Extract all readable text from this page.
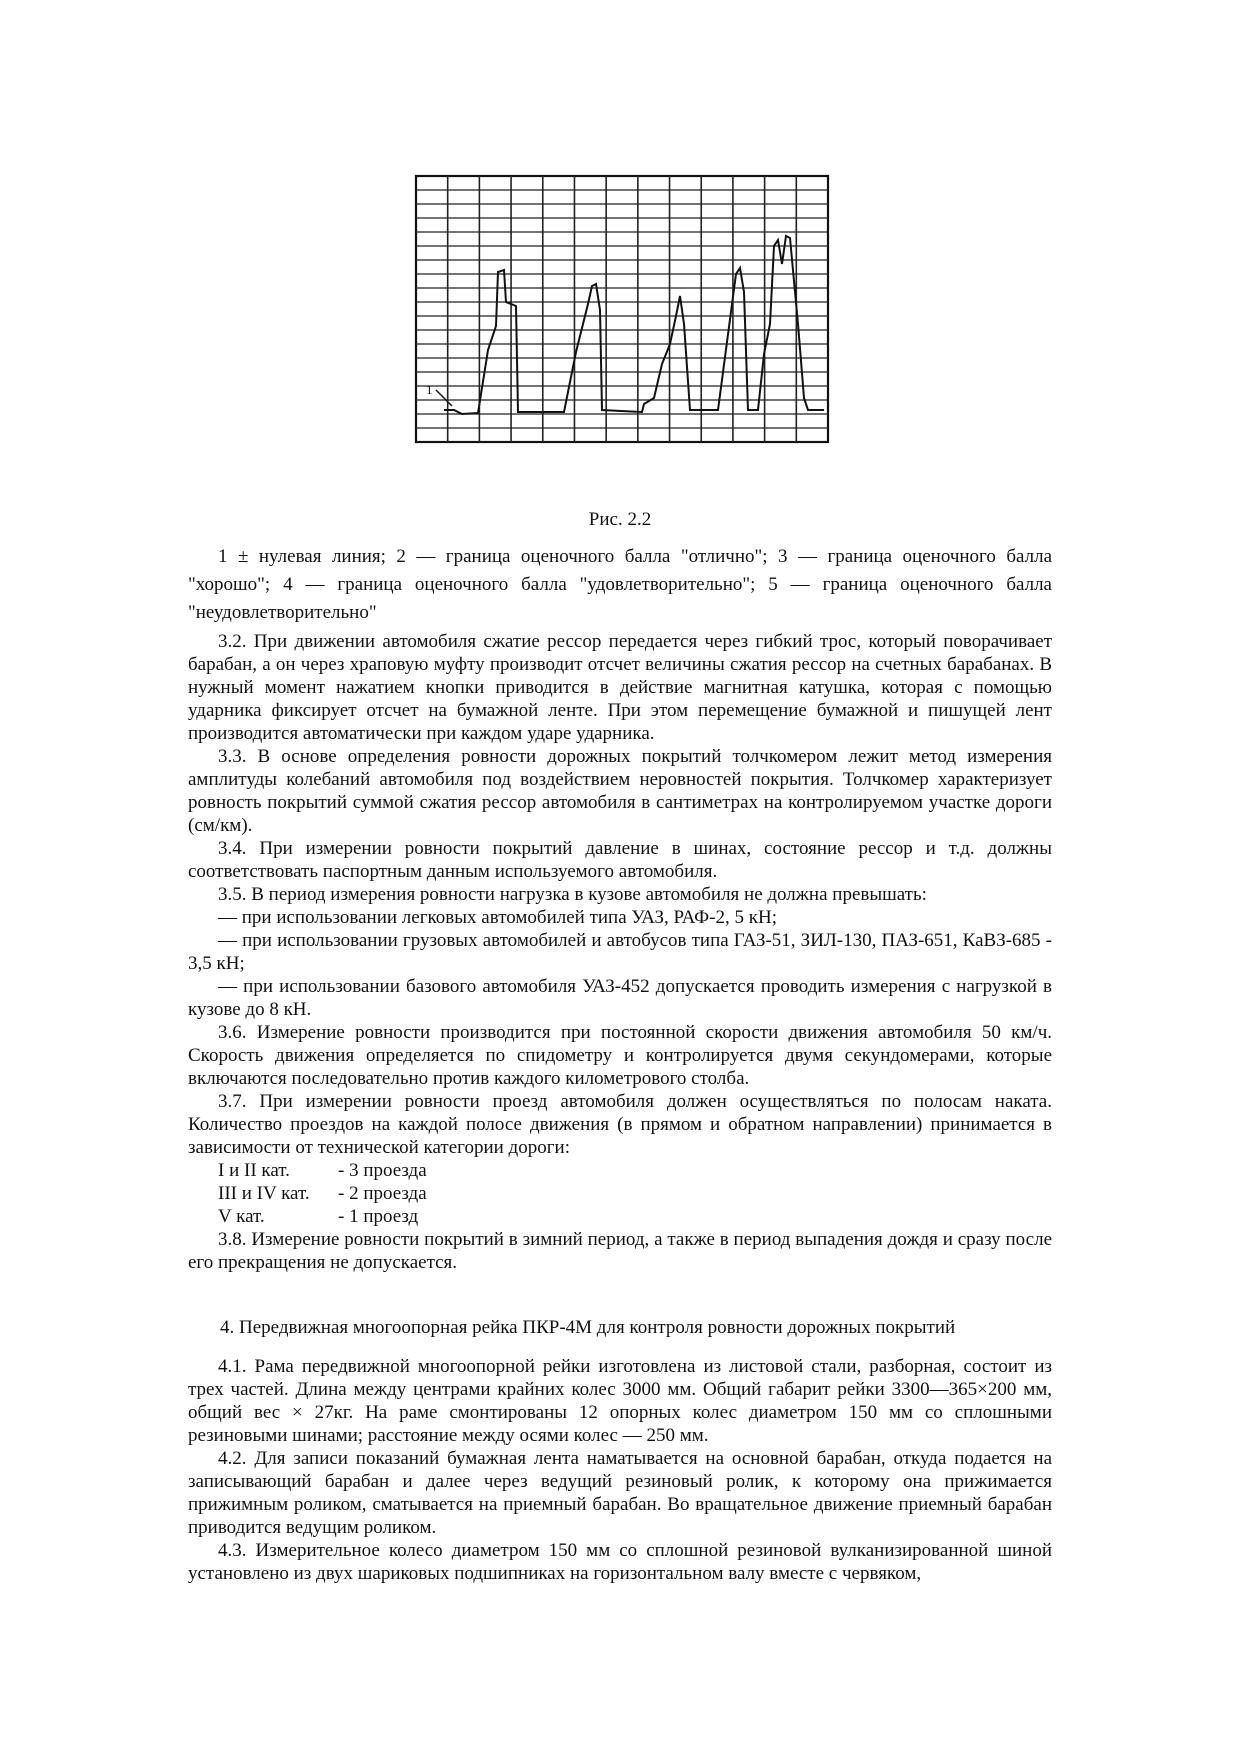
1
Рис. 2.2

1 ± нулевая линия; 2 — граница оценочного балла "отлично"; 3 — граница оценочного балла "хорошо"; 4 — граница оценочного балла "удовлетворительно"; 5 — граница оценочного балла "неудовлетворительно"

3.2. При движении автомобиля сжатие рессор передается через гибкий трос, который поворачивает барабан, а он через храповую муфту производит отсчет величины сжатия рессор на счетных барабанах. В нужный момент нажатием кнопки приводится в действие магнитная катушка, которая с помощью ударника фиксирует отсчет на бумажной ленте. При этом перемещение бумажной и пишущей лент производится автоматически при каждом ударе ударника.

3.3. В основе определения ровности дорожных покрытий толчкомером лежит метод измерения амплитуды колебаний автомобиля под воздействием неровностей покрытия. Толчкомер характеризует ровность покрытий суммой сжатия рессор автомобиля в сантиметрах на контролируемом участке дороги (см/км).

3.4. При измерении ровности покрытий давление в шинах, состояние рессор и т.д. должны соответствовать паспортным данным используемого автомобиля.

3.5. В период измерения ровности нагрузка в кузове автомобиля не должна превышать:

— при использовании легковых автомобилей типа УАЗ, РАФ-2, 5 кН;

— при использовании грузовых автомобилей и автобусов типа ГАЗ-51, ЗИЛ-130, ПАЗ-651, КаВЗ-685 - 3,5 кН;

— при использовании базового автомобиля УАЗ-452 допускается проводить измерения с нагрузкой в кузове до 8 кН.

3.6. Измерение ровности производится при постоянной скорости движения автомобиля 50 км/ч. Скорость движения определяется по спидометру и контролируется двумя секундомерами, которые включаются последовательно против каждого километрового столба.

3.7. При измерении ровности проезд автомобиля должен осуществляться по полосам наката. Количество проездов на каждой полосе движения (в прямом и обратном направлении) принимается в зависимости от технической категории дороги:

I и II кат.	- 3 проезда
III и IV кат.	- 2 проезда
V кат.	- 1 проезд

3.8. Измерение ровности покрытий в зимний период, а также в период выпадения дождя и сразу после его прекращения не допускается.

4. Передвижная многоопорная рейка ПКР-4М для контроля ровности дорожных покрытий

4.1. Рама передвижной многоопорной рейки изготовлена из листовой стали, разборная, состоит из трех частей. Длина между центрами крайних колес 3000 мм. Общий габарит рейки 3300—365×200 мм, общий вес × 27кг. На раме смонтированы 12 опорных колес диаметром 150 мм со сплошными резиновыми шинами; расстояние между осями колес — 250 мм.

4.2. Для записи показаний бумажная лента наматывается на основной барабан, откуда подается на записывающий барабан и далее через ведущий резиновый ролик, к которому она прижимается прижимным роликом, сматывается на приемный барабан. Во вращательное движение приемный барабан приводится ведущим роликом.

4.3. Измерительное колесо диаметром 150 мм со сплошной резиновой вулканизированной шиной установлено из двух шариковых подшипниках на горизонтальном валу вместе с червяком,
